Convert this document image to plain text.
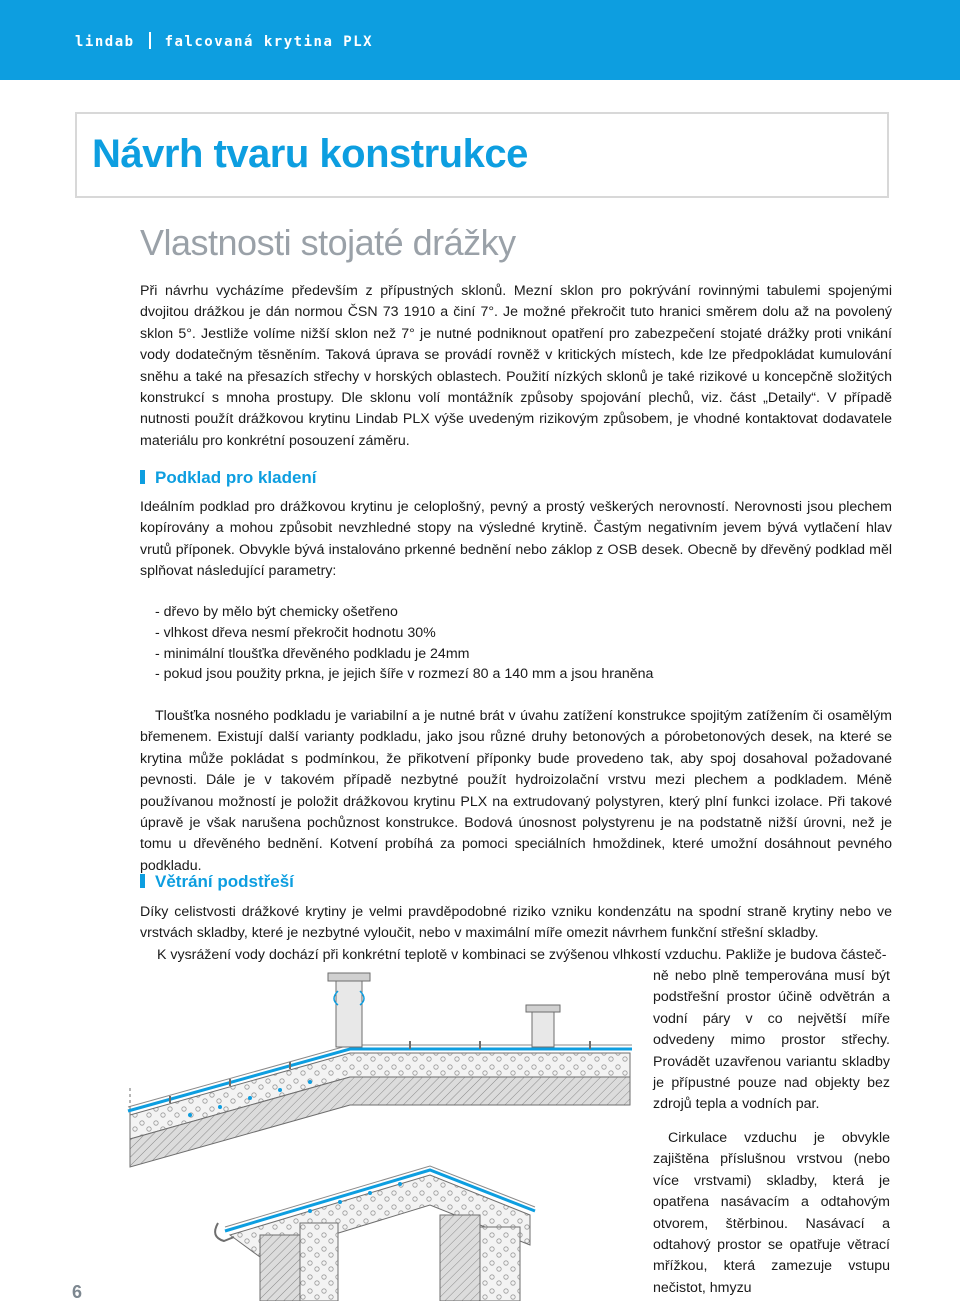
lindab falcovaná krytina PLX
Návrh tvaru konstrukce
Vlastnosti stojaté drážky

Při návrhu vycházíme především z přípustných sklonů. Mezní sklon pro pokrývání rovinnými tabulemi spojenými dvojitou drážkou je dán normou ČSN 73 1910 a činí 7°. Je možné překročit tuto hranici směrem dolu až na povolený sklon 5°. Jestliže volíme nižší sklon než 7° je nutné podniknout opatření pro zabezpečení stojaté drážky proti vnikání vody dodatečným těsněním. Taková úprava se provádí rovněž v kritických místech, kde lze předpokládat kumulování sněhu a také na přesazích střechy v horských oblastech. Použití nízkých sklonů je také rizikové u koncepčně složitých konstrukcí s mnoha prostupy. Dle sklonu volí montážník způsoby spojování plechů, viz. část „Detaily“. V případě nutnosti použít drážkovou krytinu Lindab PLX výše uvedeným rizikovým způsobem, je vhodné kontaktovat dodavatele materiálu pro konkrétní posouzení záměru.

Podklad pro kladení

Ideálním podklad pro drážkovou krytinu je celoplošný, pevný a prostý veškerých nerovností. Nerovnosti jsou plechem kopírovány a mohou způsobit nevzhledné stopy na výsledné krytině. Častým negativním jevem bývá vytlačení hlav vrutů příponek. Obvykle bývá instalováno prkenné bednění nebo záklop z OSB desek. Obecně by dřevěný podklad měl splňovat následující parametry:

- dřevo by mělo být chemicky ošetřeno
- vlhkost dřeva nesmí překročit hodnotu 30%
- minimální tloušťka dřevěného podkladu je 24mm
- pokud jsou použity prkna, je jejich šíře v rozmezí 80 a 140 mm a jsou hraněna

Tloušťka nosného podkladu je variabilní a je nutné brát v úvahu zatížení konstrukce spojitým zatížením či osamělým břemenem. Existují další varianty podkladu, jako jsou různé druhy betonových a pórobetonových desek, na které se krytina může pokládat s podmínkou, že přikotvení příponky bude provedeno tak, aby spoj dosahoval požadované pevnosti. Dále je v takovém případě nezbytné použít hydroizolační vrstvu mezi plechem a podkladem. Méně používanou možností je položit drážkovou krytinu PLX na extrudovaný polystyren, který plní funkci izolace. Při takové úpravě je však narušena pochůznost konstrukce. Bodová únosnost polystyrenu je na podstatně nižší úrovni, než je tomu u dřevěného bednění. Kotvení probíhá za pomoci speciálních hmoždinek, které umožní dosáhnout pevného podkladu.

Větrání podstřeší

Díky celistvosti drážkové krytiny je velmi pravděpodobné riziko vzniku kondenzátu na spodní straně krytiny nebo ve vrstvách skladby, které je nezbytné vyloučit, nebo v maximální míře omezit návrhem funkční střešní skladby.

K vysrážení vody dochází při konkrétní teplotě v kombinaci se zvýšenou vlhkostí vzduchu. Pakliže je budova částeč-

ně nebo plně temperována musí být podstřešní prostor účině odvětrán a vodní páry v co největší míře odvedeny mimo prostor střechy. Provádět uzavřenou variantu skladby je přípustné pouze nad objekty bez zdrojů tepla a vodních par.

Cirkulace vzduchu je obvykle zajištěna příslušnou vrstvou (nebo více vrstvami) skladby, která je opatřena nasávacím a odtahovým otvorem, štěrbinou. Nasávací a odtahový prostor se opatřuje větrací mřížkou, která zamezuje vstupu nečistot, hmyzu

6
